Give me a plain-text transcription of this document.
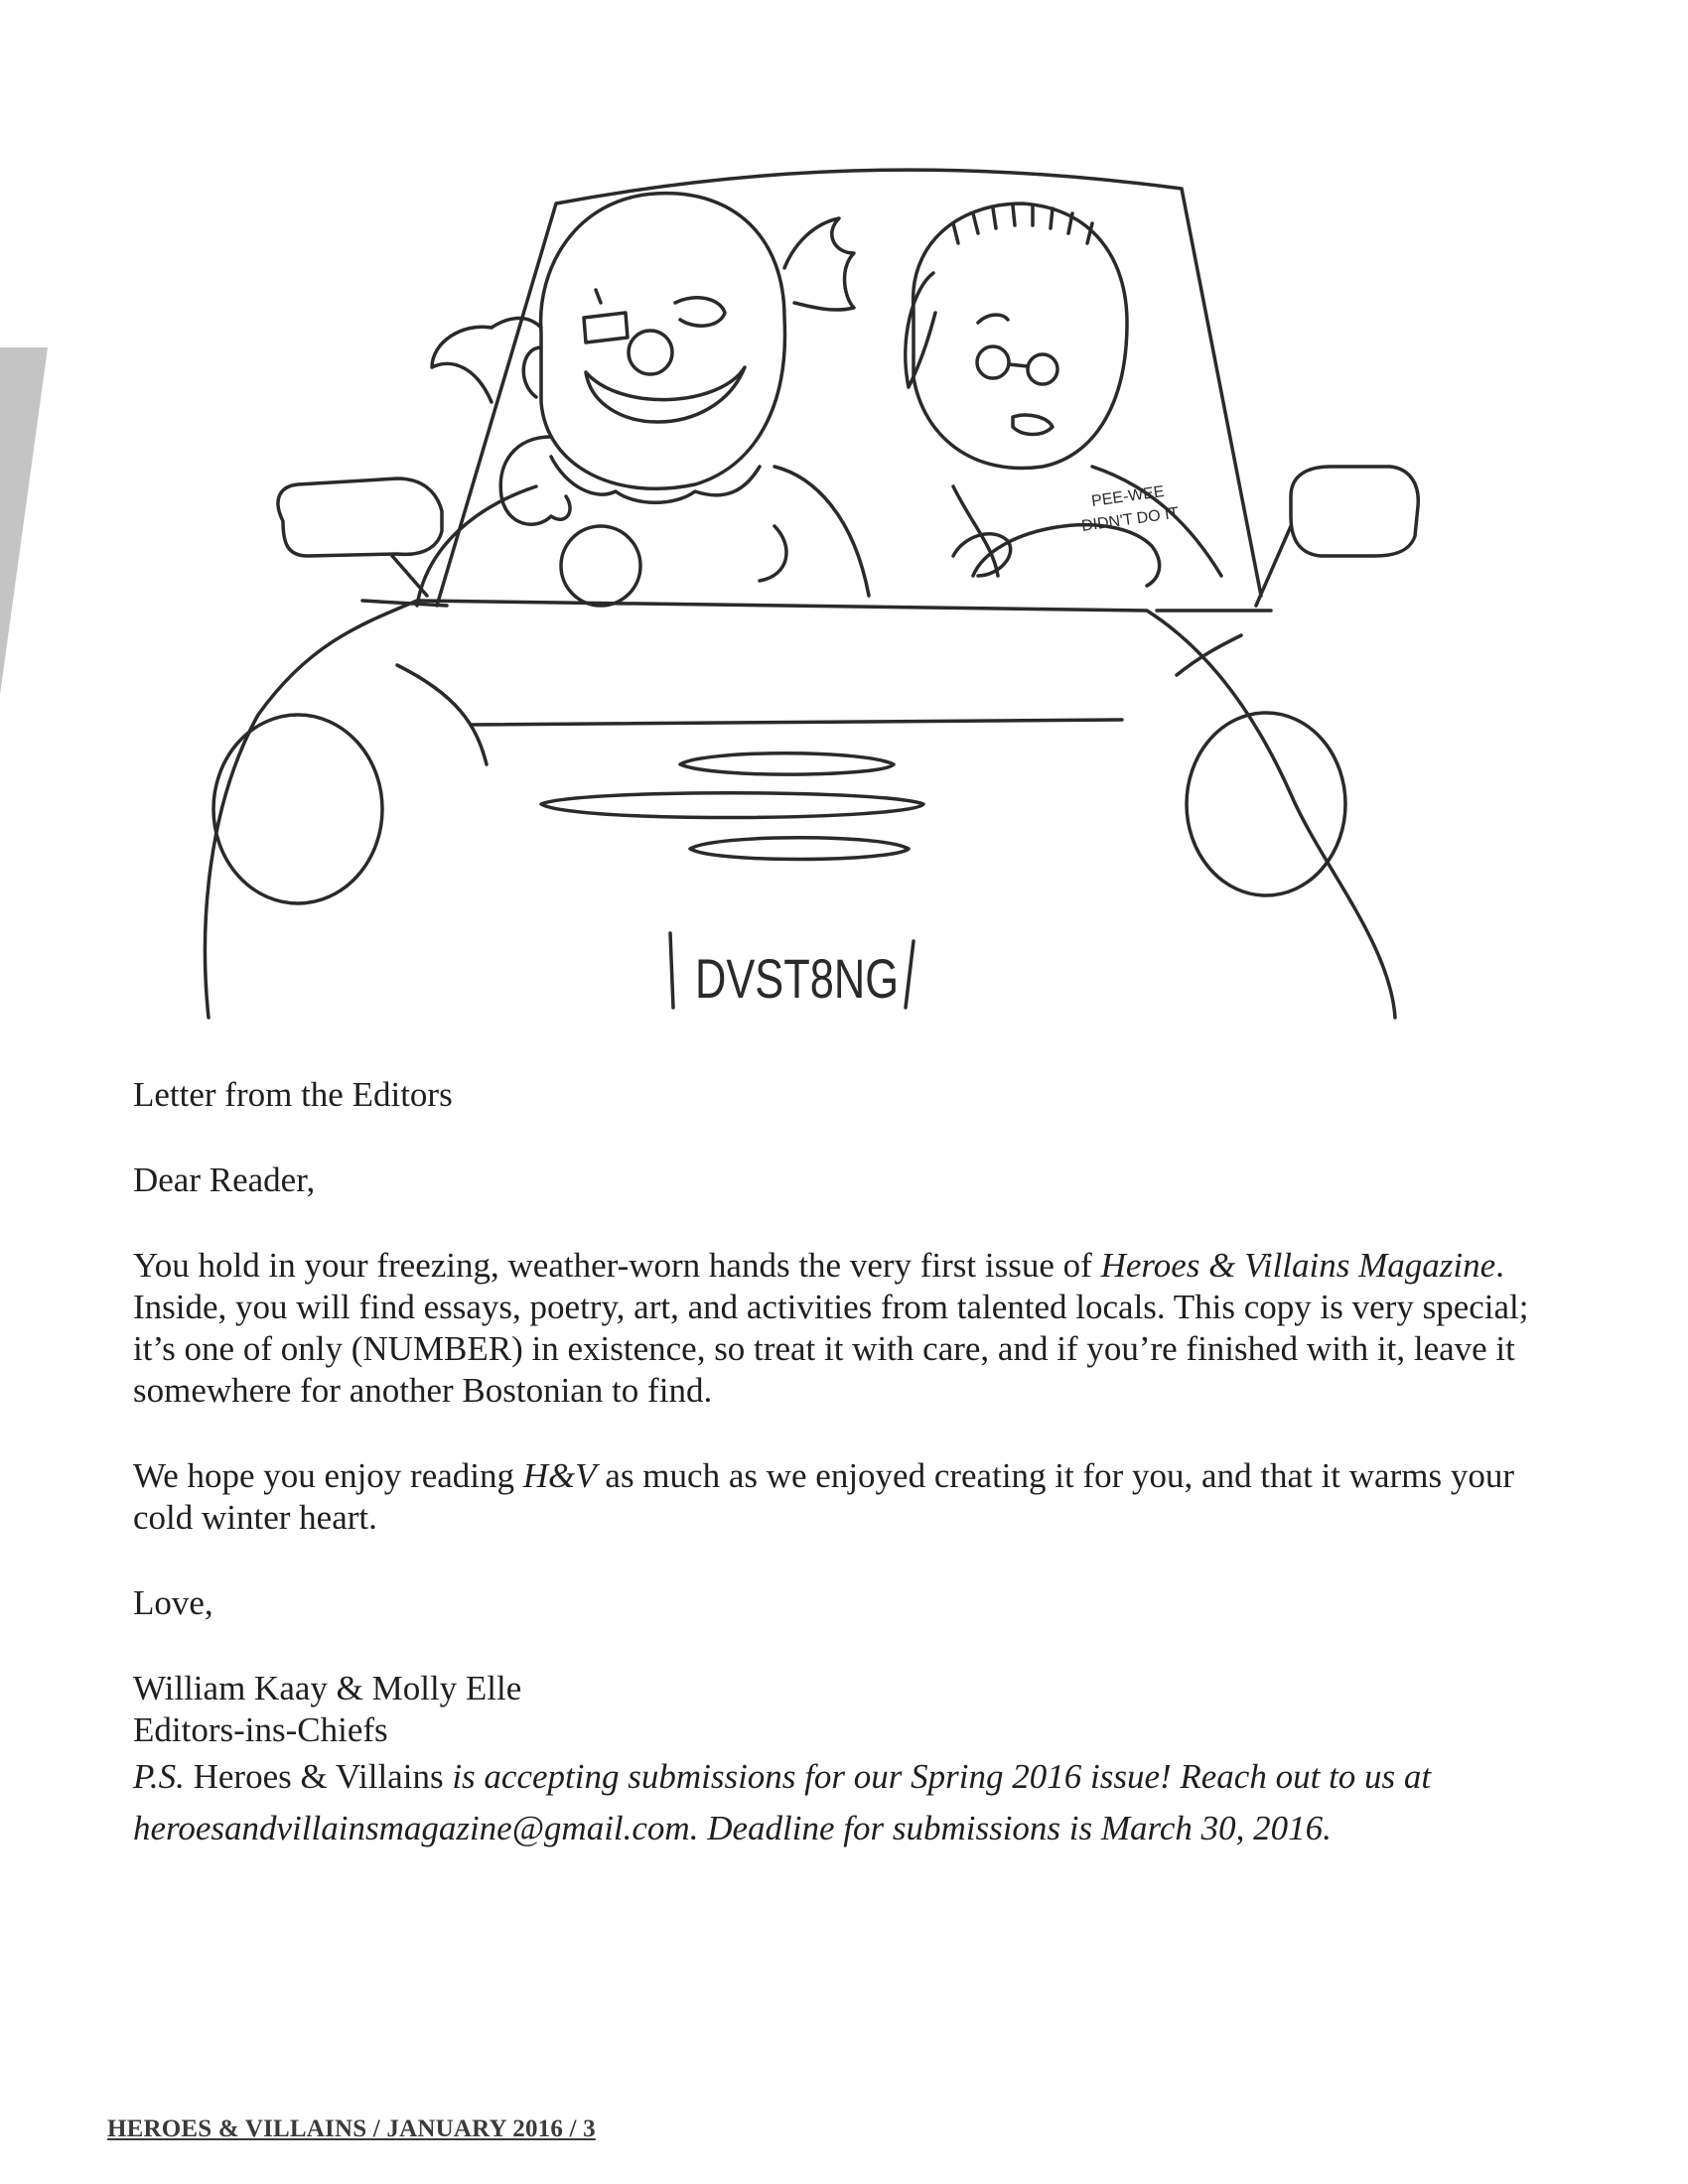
DVST8NG
PEE-WEE
DIDN'T DO IT

Letter from the Editors

Dear Reader,

You hold in your freezing, weather-worn hands the very first issue of Heroes & Villains Magazine. Inside, you will find essays, poetry, art, and activities from talented locals. This copy is very special; it’s one of only (NUMBER) in existence, so treat it with care, and if you’re finished with it, leave it somewhere for another Bostonian to find.

We hope you enjoy reading H&V as much as we enjoyed creating it for you, and that it warms your cold winter heart.

Love,

William Kaay & Molly Elle

Editors-ins-Chiefs

P.S. Heroes & Villains is accepting submissions for our Spring 2016 issue! Reach out to us at heroesandvillainsmagazine@gmail.com. Deadline for submissions is March 30, 2016.

HEROES & VILLAINS / JANUARY 2016 / 3
